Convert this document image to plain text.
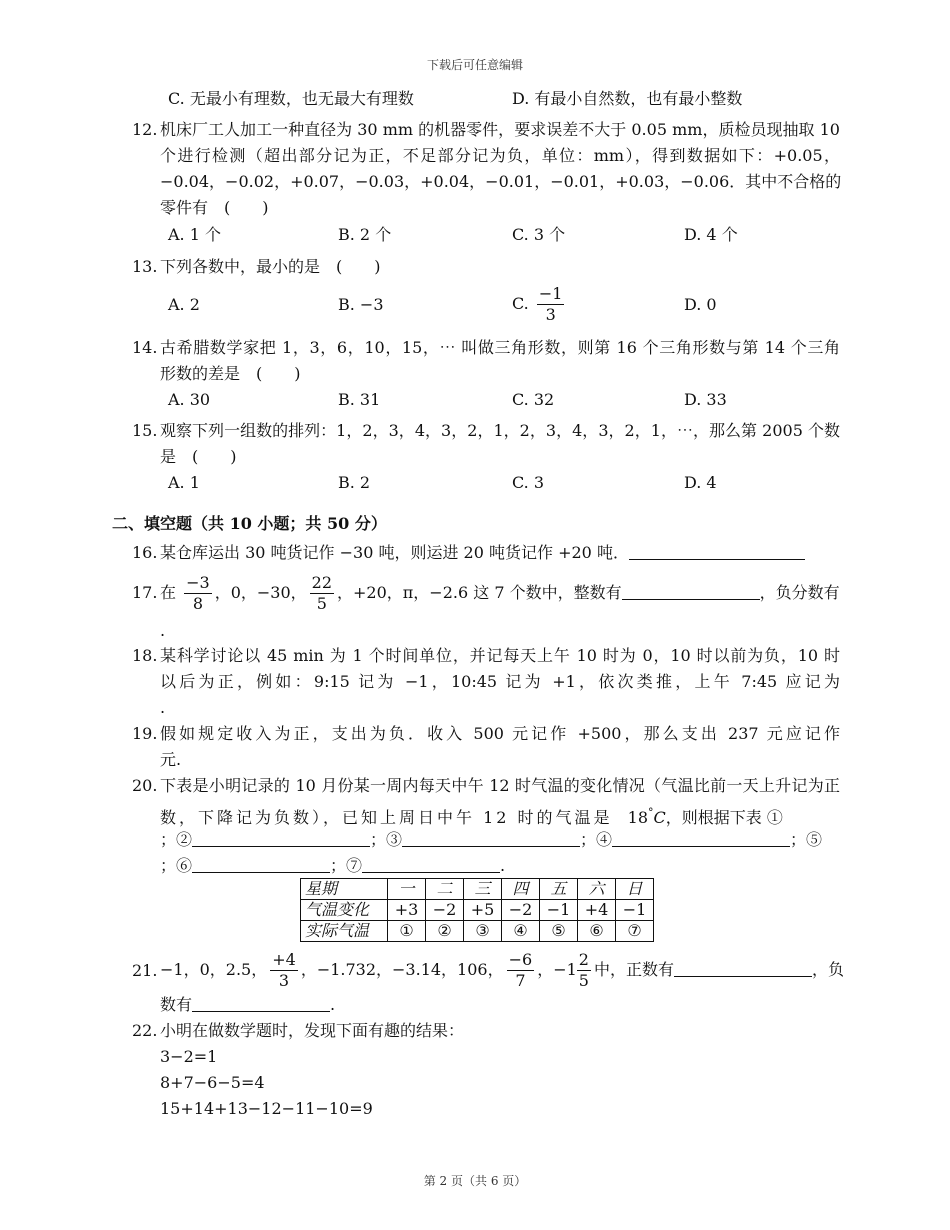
下载后可任意编辑
C. 无最小有理数，也无最大有理数	D. 有最小自然数，也有最小整数
12. 机床厂工人加工一种直径为 30 mm 的机器零件，要求误差不大于 0.05 mm，质检员现抽取 10
个进行检测（超出部分记为正，不足部分记为负，单位：mm），得到数据如下：+0.05，
−0.04，−0.02，+0.07，−0.03，+0.04，−0.01，−0.01，+0.03，−0.06．其中不合格的
零件有　(　　)
A. 1 个	B. 2 个	C. 3 个	D. 4 个
13. 下列各数中，最小的是　(　　)
A. 2	B. −3	C. $\frac{-1}{3}$	D. 0
14. 古希腊数学家把 1，3，6，10，15，⋯ 叫做三角形数，则第 16 个三角形数与第 14 个三角
形数的差是　(　　)
A. 30	B. 31	C. 32	D. 33
15. 观察下列一组数的排列：1，2，3，4，3，2，1，2，3，4，3，2，1，⋯，那么第 2005 个数
是　(　　)
A. 1	B. 2	C. 3	D. 4
二、填空题（共 10 小题；共 50 分）
16. 某仓库运出 30 吨货记作 −30 吨，则运进 20 吨货记作 +20 吨．
17. 在 $\frac{-3}{8}$ ，0，−30， $\frac{22}{5}$ ，+20，π，−2.6 这 7 个数中，整数有	，负分数有
.
18. 某科学讨论以 45 min 为 1 个时间单位，并记每天上午 10 时为 0，10 时以前为负，10 时
以后为正，例如：9:15 记为 −1，10:45 记为 +1，依次类推，上午 7:45 应记为
.
19. 假如规定收入为正，支出为负．收入 500 元记作 +500，那么支出 237 元应记作
元.
20. 下表是小明记录的 10 月份某一周内每天中午 12 时气温的变化情况（气温比前一天上升记为正
数，下降记为负数），已知上周日中午 12 时的气温是 18°C，则根据下表 ①
；②	；③	；④	；⑤
；⑥	；⑦	.
星期	一	二	三	四	五	六	日
气温变化	+3	−2	+5	−2	−1	+4	−1
实际气温	①	②	③	④	⑤	⑥	⑦
21. −1，0，2.5， $\frac{+4}{3}$ ，−1.732，−3.14，106， $\frac{-6}{7}$ ，$-1 \frac{2}{5}$ 中，正数有	，负
数有	.
22. 小明在做数学题时，发现下面有趣的结果：
3−2=1
8+7−6−5=4
15+14+13−12−11−10=9
第 2 页（共 6 页）
